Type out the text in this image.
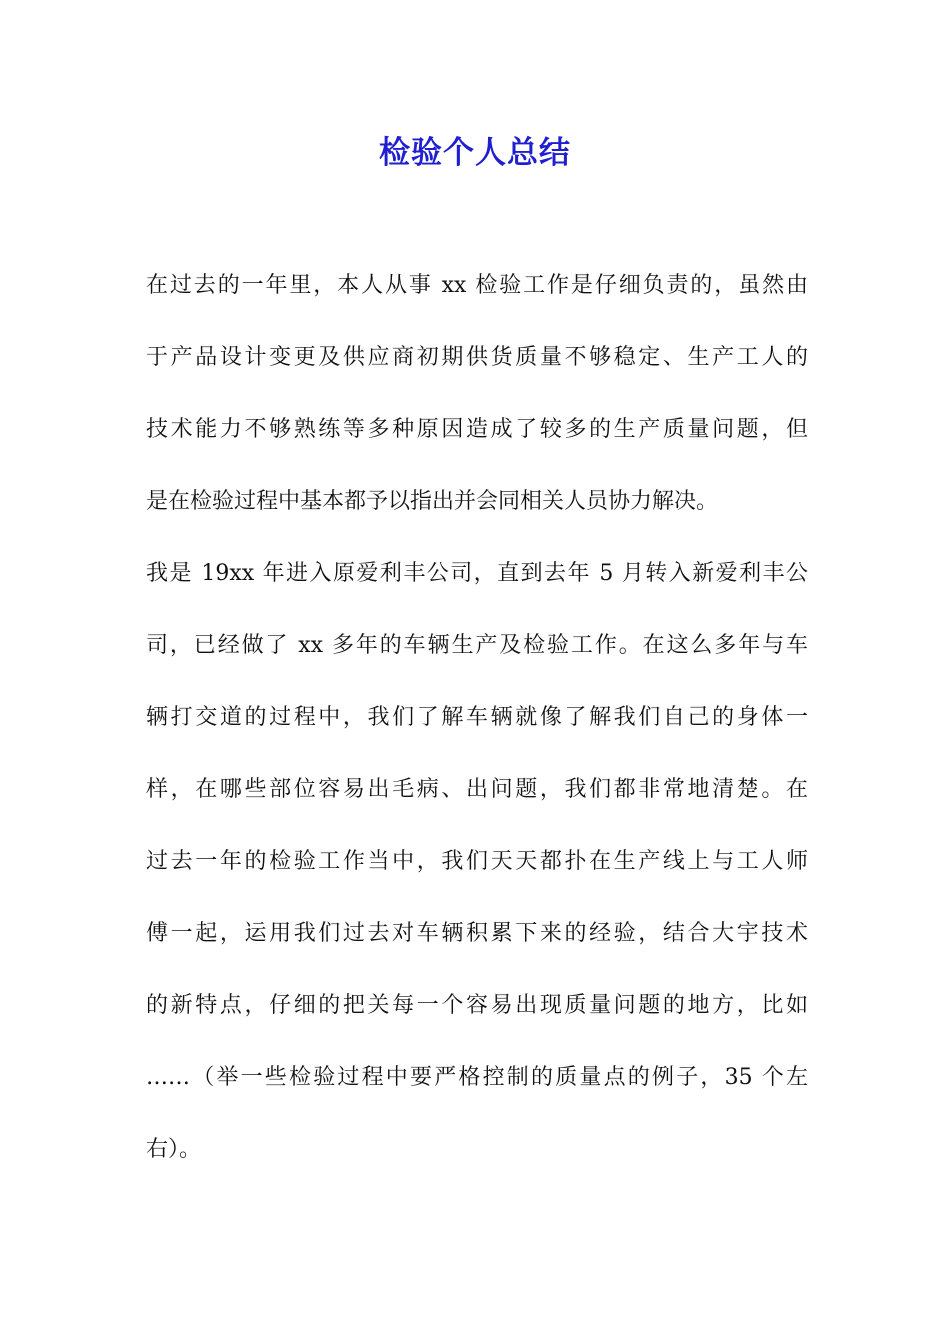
检验个人总结

在过去的一年里，本人从事 xx 检验工作是仔细负责的，虽然由
于产品设计变更及供应商初期供货质量不够稳定、生产工人的
技术能力不够熟练等多种原因造成了较多的生产质量问题，但
是在检验过程中基本都予以指出并会同相关人员协力解决。

我是 19xx 年进入原爱利丰公司，直到去年 5 月转入新爱利丰公
司，已经做了 xx 多年的车辆生产及检验工作。在这么多年与车
辆打交道的过程中，我们了解车辆就像了解我们自己的身体一
样，在哪些部位容易出毛病、出问题，我们都非常地清楚。在
过去一年的检验工作当中，我们天天都扑在生产线上与工人师
傅一起，运用我们过去对车辆积累下来的经验，结合大宇技术
的新特点，仔细的把关每一个容易出现质量问题的地方，比如
……（举一些检验过程中要严格控制的质量点的例子，35 个左
右）。
